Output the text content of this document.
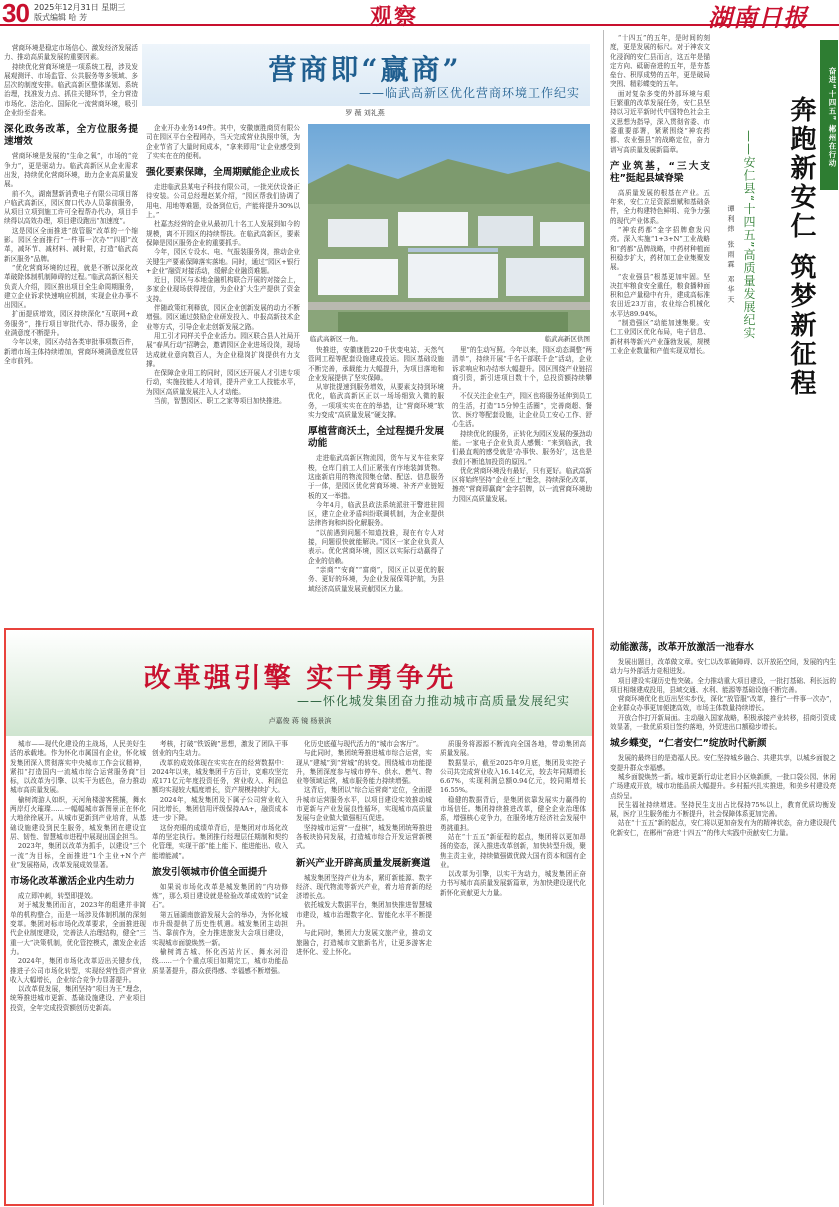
30 2025年12月31日 星期三
版式编辑 哈 芳	观察	湖南日报
营商即“赢商”
——临武高新区优化营商环境工作纪实
罗 薇 刘礼燕

营商环境是稳定市场信心、激发经济发展活力、推动高质量发展的重要因素。

持续优化营商环境是一项系统工程，涉及发展观测评、市场监管、公共服务等多领域、多层次的制度安排。临武高新区整体谋划、系统治理，找准发力点、抓住关键环节，全力营造市场化、法治化、国际化一流营商环境，吸引企业纷至沓来。

深化政务改革，全方位服务提速增效

营商环境是发展的“生命之氧”，市场的“竞争力”，更是驱动力。临武高新区从企业需求出发，持续优化营商环境，助力企业高质量发展。

前不久，湖南慧新消费电子有限公司项目落户临武高新区，园区窗口代办人员靠前服务，从项目立项到施工许可全程帮办代办，项目手续得以高效办理，项目建设跑出“加速度”。

这是园区全面推进“放管服”改革的一个缩影。园区全面推行“一件事一次办”“四即”改革，减环节、减材料、减时限，打造“临武高新区服务”品牌。

“优化营商环境的过程，就是不断以深化改革破除体制机制障碍的过程。”临武高新区相关负责人介绍，园区推出项目全生命周期服务，建立企业诉求快速响应机制，实现企业办事不出园区。

扩面提质增效，园区持续深化“互联网+政务服务”，推行项目审批代办、帮办服务，企业满意度不断提升。

今年以来，园区办结各类审批事项数百件，新增市场主体持续增加，营商环境满意度位居全市前列。

企业开办业务149件。其中，安徽康胜商贸有限公司在园区平台全程网办，当天完成营业执照申领，为企业节省了大量时间成本，“拿来即用”让企业感受到了实实在在的便利。

强化要素保障，全周期赋能企业成长

走进临武县某电子科技有限公司，一批光伏设备正待安装。公司总经理赵某介绍，“园区帮我们协调了用电、用地等难题，设备到位后，产能将提升30%以上。”

杜嘉杰经营的企业从最初几十名工人发展到如今的规模，离不开园区的持续帮扶。在临武高新区，要素保障是园区服务企业的重要抓手。

今年，园区专设水、电、气报装服务岗，推动企业关键生产要素保障落实落地。同时，通过“园区+银行+企业”融资对接活动，缓解企业融资难题。

近日，园区与本地金融机构联合开展的对接会上，多家企业现场获得授信，为企业扩大生产提供了资金支持。

伴随政策红利释放，园区企业创新发展的动力不断增强。园区通过鼓励企业研发投入、申报高新技术企业等方式，引导企业走创新发展之路。

用工引才同样关乎企业活力。园区联合县人社局开展“春风行动”招聘会，邀请园区企业进场设岗，现场达成就业意向数百人，为企业稳岗扩岗提供有力支撑。

在保障企业用工的同时，园区还开展人才引进专项行动，实施技能人才培训，提升产业工人技能水平，为园区高质量发展注入人才动能。

当前，智慧园区、职工之家等项目加快推进。

临武高新区一角。	临武高新区供图

快推进，安徽康胜220千伏变电站、天然气管网工程等配套设施建成投运。园区基础设施不断完善，承载能力大幅提升，为项目落地和企业发展提供了坚实保障。

从审批提速到服务增效，从要素支持到环境优化，临武高新区正以一场场细致入微的服务，一项项实实在在的举措，让“营商环境”软实力变成“高质量发展”硬支撑。

厚植营商沃土，全过程提升发展动能

走进临武高新区物流园，货车与叉车往来穿梭，仓库门前工人们正紧张有序地装卸货物。这座新启用的物流园集仓储、配送、信息服务于一体，是园区优化营商环境、补齐产业链短板的又一举措。

今年4月，临武县政法系统派驻干警进驻园区，建立企业矛盾纠纷联调机制，为企业提供法律咨询和纠纷化解服务。

“以前遇到问题不知道找谁，现在有专人对接，问题很快就能解决。”园区一家企业负责人表示。优化营商环境，园区以实际行动赢得了企业的信赖。

“亲商”“安商”“富商”，园区正以更优的服务、更好的环境，为企业发展保驾护航，为县域经济高质量发展贡献园区力量。

里”的生动写照。今年以来，园区动态调整“两清单”，持续开展“千名干部联千企”活动，企业诉求响应和办结率大幅提升。园区围绕产业链招商引资，新引进项目数十个，总投资额持续攀升。

不仅关注企业生产，园区也将服务延伸到员工的生活，打造“15分钟生活圈”，完善商超、餐饮、医疗等配套设施，让企业员工安心工作、舒心生活。

持续优化的服务，正转化为园区发展的强劲动能。一家电子企业负责人感慨：“来到临武，我们最直观的感受就是‘办事快、服务好’，这也是我们不断追加投资的原因。”

优化营商环境没有最好，只有更好。临武高新区将始终坚持“企业至上”理念，持续深化改革，擦亮“营商即赢商”金字招牌，以一流营商环境助力园区高质量发展。

改革强引擎 实干勇争先
——怀化城发集团奋力推动城市高质量发展纪实
卢嘉俊 蒋 镜 杨景滨

城市——现代化建设的主战场，人民美好生活的承载地。作为怀化市属国有企业，怀化城发集团深入贯彻落实中央城市工作会议精神，紧扣“打造国内一流城市综合运营服务商”目标，以改革为引擎、以实干为底色，奋力推动城市高质量发展。

榆树湾游人如织，天河角楼游客熙攘，舞水两岸灯火璀璨……一幅幅城市新图景正在怀化大地徐徐展开。从城市更新到产业培育，从基础设施建设到民生服务，城发集团在建设宜居、韧性、智慧城市进程中展现出国企担当。

2023年，集团以改革为抓手，以建设“三个一流”为目标，全面推进“1个主业+N个产业”发展格局，改革发展成效显著。

市场化改革激活企业内生动力

成立即冲刺，转型即提效。

对于城发集团而言，2023年的组建并非简单的机构整合，而是一场涉及体制机制的深刻变革。集团对标市场化改革要求，全面推进现代企业制度建设，完善法人治理结构，健全“三重一大”决策机制，优化管控模式，激发企业活力。

2024年，集团市场化改革迈出关键步伐，推进子公司市场化转型，实现经营性资产营业收入大幅增长，企业综合竞争力显著提升。

以改革促发展，集团坚持“项目为王”理念，统筹推进城市更新、基础设施建设、产业项目投资，全年完成投资额创历史新高。

考核，打破“铁饭碗”思想，激发了团队干事创业的内生动力。

改革的成效体现在实实在在的经营数据中：2024年以来，城发集团千方百计，克难攻坚完成171亿元年度投资任务，营业收入、利润总额均实现较大幅度增长，资产规模持续扩大。

2024年，城发集团及下属子公司营业收入同比增长，集团信用评级保持AA+，融资成本进一步下降。

这份亮眼的成绩单背后，是集团对市场化改革的坚定执行。集团推行经理层任期制和契约化管理，实现干部“能上能下、能进能出、收入能增能减”。

旅发引领城市价值全面提升

如果说市场化改革是城发集团的“内功修炼”，那么项目建设就是检验改革成效的“试金石”。

第五届湖南旅游发展大会的举办，为怀化城市升级提供了历史性机遇。城发集团主动担当、靠前作为，全力推进旅发大会项目建设，实现城市面貌焕然一新。

榆树湾古城、怀化西站片区、舞水河沿线……一个个重点项目如期完工，城市功能品质显著提升，群众获得感、幸福感不断增强。

化历史底蕴与现代活力的“城市会客厅”。

与此同时，集团统筹推进城市综合运营，实现从“建城”到“营城”的转变。围绕城市功能提升，集团深度参与城市停车、供水、燃气、物业等领域运营，城市服务能力持续增强。

这背后，集团以“综合运营商”定位，全面提升城市运营服务水平，以项目建设实效推动城市更新与产业发展良性循环，实现城市高质量发展与企业做大做强相互促进。

坚持城市运营“一盘棋”，城发集团统筹推进各板块协同发展，打造城市综合开发运营新模式。

新兴产业开辟高质量发展新赛道

城发集团坚持产业为本，紧盯新能源、数字经济、现代物流等新兴产业，着力培育新的经济增长点。

依托城发大数据平台，集团加快推进智慧城市建设，城市治理数字化、智能化水平不断提升。

与此同时，集团大力发展文旅产业，推动文旅融合，打造城市文旅新名片，让更多游客走进怀化、爱上怀化。

质服务将源源不断流向全国各地，带动集团高质量发展。

数据显示，截至2025年9月底，集团及实控子公司共完成营业收入16.14亿元，较去年同期增长6.67%，实现利润总额0.94亿元，较同期增长16.55%。

稳健的数据背后，是集团依靠发展实力赢得的市场信任。集团持续推进改革，健全企业治理体系，增强核心竞争力，在服务地方经济社会发展中勇挑重担。

站在“十五五”新征程的起点，集团将以更加昂扬的姿态，深入推进改革创新，加快转型升级，聚焦主责主业，持续做强做优做大国有资本和国有企业。

以改革为引擎，以实干为动力，城发集团正奋力书写城市高质量发展新篇章，为加快建设现代化新怀化贡献更大力量。

奋进“十四五” 郴州在行动
奔跑新安仁 筑梦新征程
——安仁县“十四五”高质量发展纪实
谭利炜 张雨霖 邓华天

“十四五”的五年，是时间的刻度，更是发展的标尺。对于神农文化浸润的安仁县而言，这五年是锚定方向、砥砺奋进的五年，是夯基垒台、积厚成势的五年，更是破局突围、精彩蝶变的五年。

面对复杂多变的外部环境与艰巨繁重的改革发展任务，安仁县坚持以习近平新时代中国特色社会主义思想为指导，深入贯彻省委、市委重要部署，紧紧围绕“神农药都、农业强县”的战略定位，奋力谱写高质量发展新篇章。

产业筑基，“三大支柱”挺起县域脊梁

高质量发展的根基在产业。五年来，安仁立足资源禀赋和基础条件，全力构建特色鲜明、竞争力强的现代产业体系。

“神农药都”金字招牌愈发闪亮。深入实施“1+3+N”工业战略和“药都”品牌战略，中药材种植面积稳步扩大，药材加工企业集聚发展。

“农业强县”根基更加牢固。坚决扛牢粮食安全重任，粮食播种面积和总产量稳中有升，建成高标准农田近23万亩，农业综合机械化水平达89.94%。

“制造强区”动能加速集聚。安仁工业园区优化布局，电子信息、新材料等新兴产业蓬勃发展，规模工业企业数量和产值实现双增长。

动能激荡，改革开放激活一池春水

发展出题目，改革做文章。安仁以改革破障碍、以开放拓空间，发展的内生动力与外部活力竞相迸发。

项目建设实现历史性突破。全力推动重大项目建设，一批打基础、利长远的项目相继建成投用，县域交通、水利、能源等基础设施不断完善。

营商环境优化也迈出坚实步伐，深化“放管服”改革，推行“一件事一次办”，企业群众办事更加便捷高效，市场主体数量持续增长。

开放合作打开新局面。主动融入国家战略，积极承接产业转移，招商引资成效显著，一批优质项目签约落地，外贸进出口额稳步增长。

城乡蝶变，“仁者安仁”绽放时代新颜

发展的最终目的是造福人民。安仁坚持城乡融合、共建共享，以城乡面貌之变提升群众幸福感。

城乡面貌焕然一新。城市更新行动让老旧小区焕新颜，一批口袋公园、休闲广场建成开放，城市功能品质大幅提升。乡村振兴扎实推进，和美乡村建设亮点纷呈。

民生福祉持续增进。坚持民生支出占比保持75%以上，教育优质均衡发展，医疗卫生服务能力不断提升，社会保障体系更加完善。

站在“十五五”新的起点，安仁将以更加奋发有为的精神状态，奋力建设现代化新安仁，在郴州“奋进‘十四五’”的伟大实践中贡献安仁力量。
